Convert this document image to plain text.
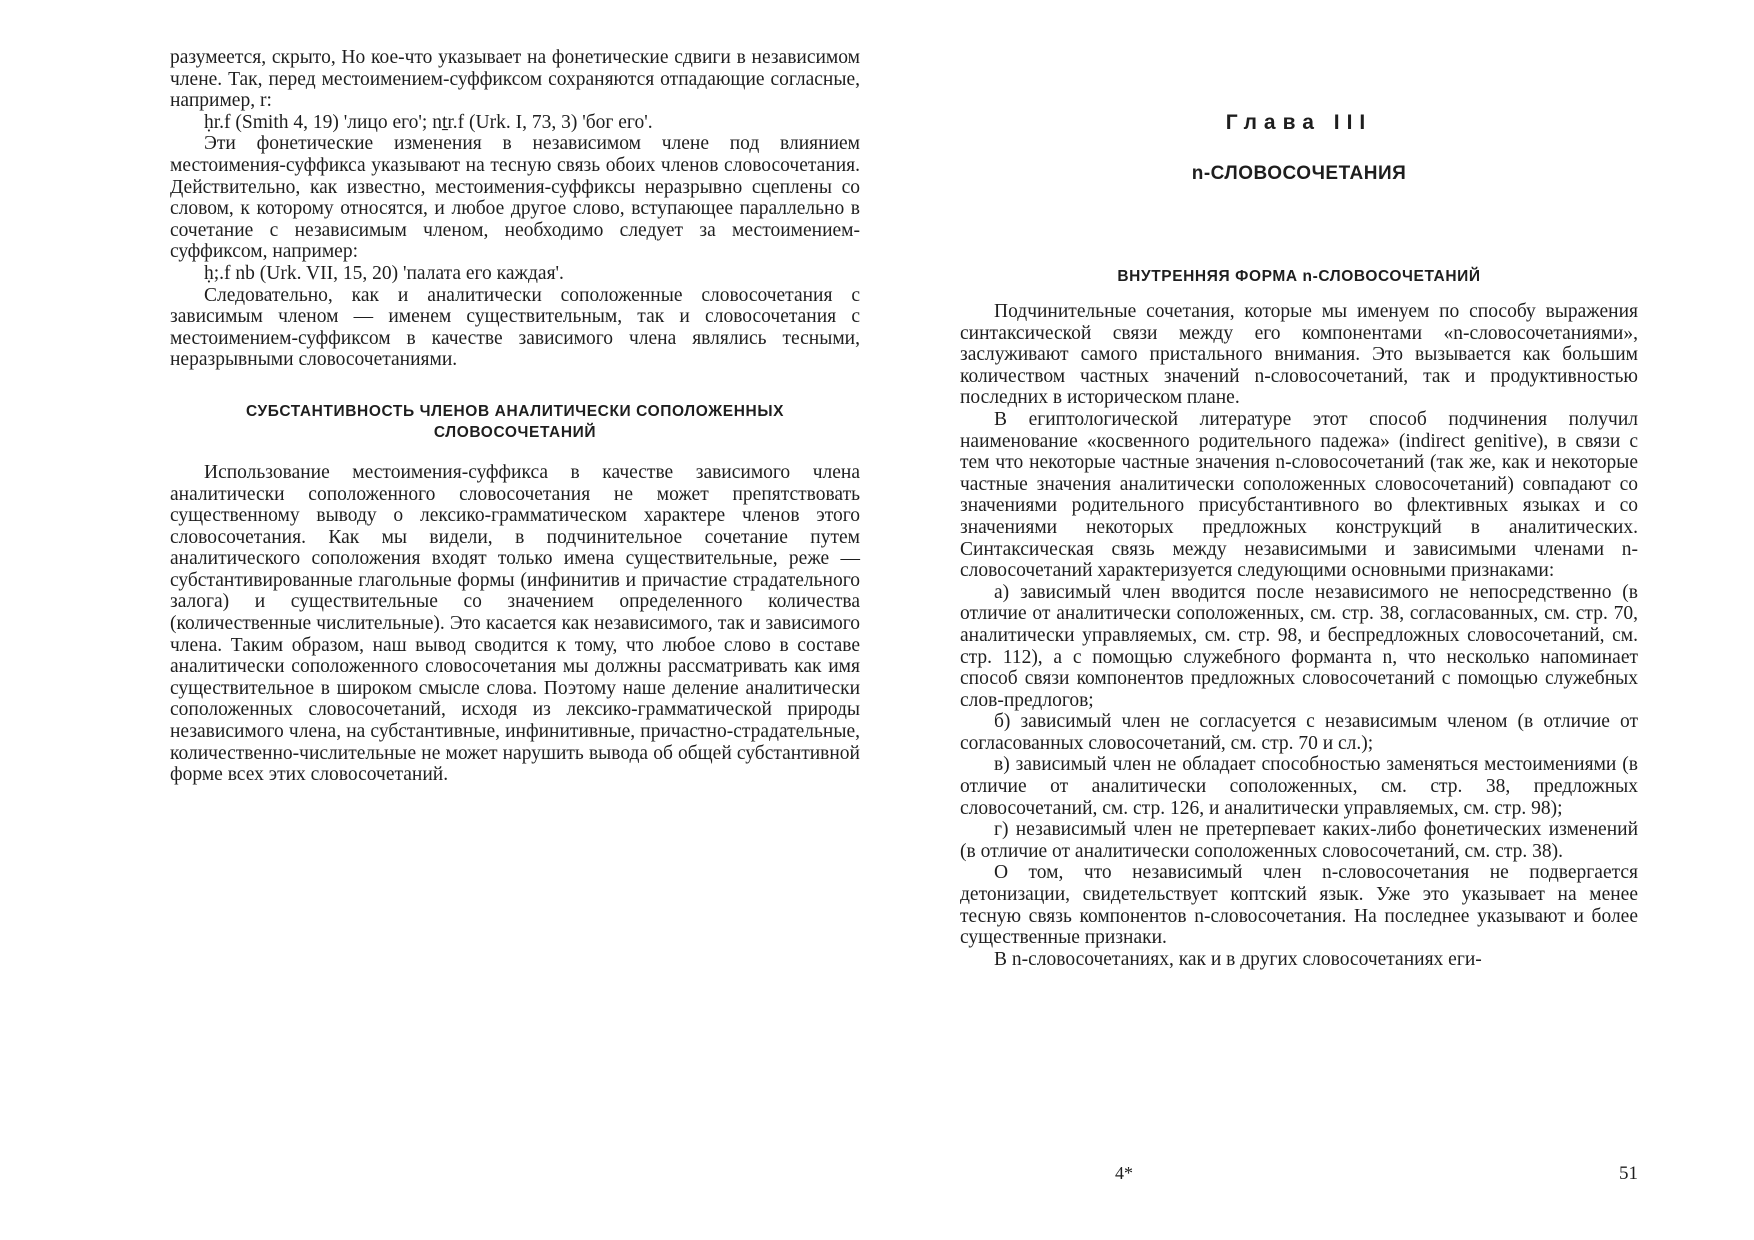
разумеется, скрыто, Но кое-что указывает на фонетические сдвиги в независимом члене. Так, перед местоимением-суффиксом сохраняются отпадающие согласные, например, r:

ḥr.f (Smith 4, 19) 'лицо его'; nṯr.f (Urk. I, 73, 3) 'бог его'.

Эти фонетические изменения в независимом члене под влиянием местоимения-суффикса указывают на тесную связь обоих членов словосочетания. Действительно, как известно, местоимения-суффиксы неразрывно сцеплены со словом, к которому относятся, и любое другое слово, вступающее параллельно в сочетание с независимым членом, необходимо следует за местоимением-суффиксом, например:

ḥ;.f nb (Urk. VII, 15, 20) 'палата его каждая'.

Следовательно, как и аналитически соположенные словосочетания с зависимым членом — именем существительным, так и словосочетания с местоимением-суффиксом в качестве зависимого члена являлись тесными, неразрывными словосочетаниями.

СУБСТАНТИВНОСТЬ ЧЛЕНОВ АНАЛИТИЧЕСКИ СОПОЛОЖЕННЫХ СЛОВОСОЧЕТАНИЙ

Использование местоимения-суффикса в качестве зависимого члена аналитически соположенного словосочетания не может препятствовать существенному выводу о лексико-грамматическом характере членов этого словосочетания. Как мы видели, в подчинительное сочетание путем аналитического соположения входят только имена существительные, реже — субстантивированные глагольные формы (инфинитив и причастие страдательного залога) и существительные со значением определенного количества (количественные числительные). Это касается как независимого, так и зависимого члена. Таким образом, наш вывод сводится к тому, что любое слово в составе аналитически соположенного словосочетания мы должны рассматривать как имя существительное в широком смысле слова. Поэтому наше деление аналитически соположенных словосочетаний, исходя из лексико-грамматической природы независимого члена, на субстантивные, инфинитивные, причастно-страдательные, количественно-числительные не может нарушить вывода об общей субстантивной форме всех этих словосочетаний.

Глава III
n-СЛОВОСОЧЕТАНИЯ
ВНУТРЕННЯЯ ФОРМА n-СЛОВОСОЧЕТАНИЙ

Подчинительные сочетания, которые мы именуем по способу выражения синтаксической связи между его компонентами «n-словосочетаниями», заслуживают самого пристального внимания. Это вызывается как большим количеством частных значений n-словосочетаний, так и продуктивностью последних в историческом плане.

В египтологической литературе этот способ подчинения получил наименование «косвенного родительного падежа» (indirect genitive), в связи с тем что некоторые частные значения n-словосочетаний (так же, как и некоторые частные значения аналитически соположенных словосочетаний) совпадают со значениями родительного присубстантивного во флективных языках и со значениями некоторых предложных конструкций в аналитических. Синтаксическая связь между независимыми и зависимыми членами n-словосочетаний характеризуется следующими основными признаками:

а) зависимый член вводится после независимого не непосредственно (в отличие от аналитически соположенных, см. стр. 38, согласованных, см. стр. 70, аналитически управляемых, см. стр. 98, и беспредложных словосочетаний, см. стр. 112), а с помощью служебного форманта n, что несколько напоминает способ связи компонентов предложных словосочетаний с помощью служебных слов-предлогов;

б) зависимый член не согласуется с независимым членом (в отличие от согласованных словосочетаний, см. стр. 70 и сл.);

в) зависимый член не обладает способностью заменяться местоимениями (в отличие от аналитически соположенных, см. стр. 38, предложных словосочетаний, см. стр. 126, и аналитически управляемых, см. стр. 98);

г) независимый член не претерпевает каких-либо фонетических изменений (в отличие от аналитически соположенных словосочетаний, см. стр. 38).

О том, что независимый член n-словосочетания не подвергается детонизации, свидетельствует коптский язык. Уже это указывает на менее тесную связь компонентов n-словосочетания. На последнее указывают и более существенные признаки.

В n-словосочетаниях, как и в других словосочетаниях еги-

4*	51
